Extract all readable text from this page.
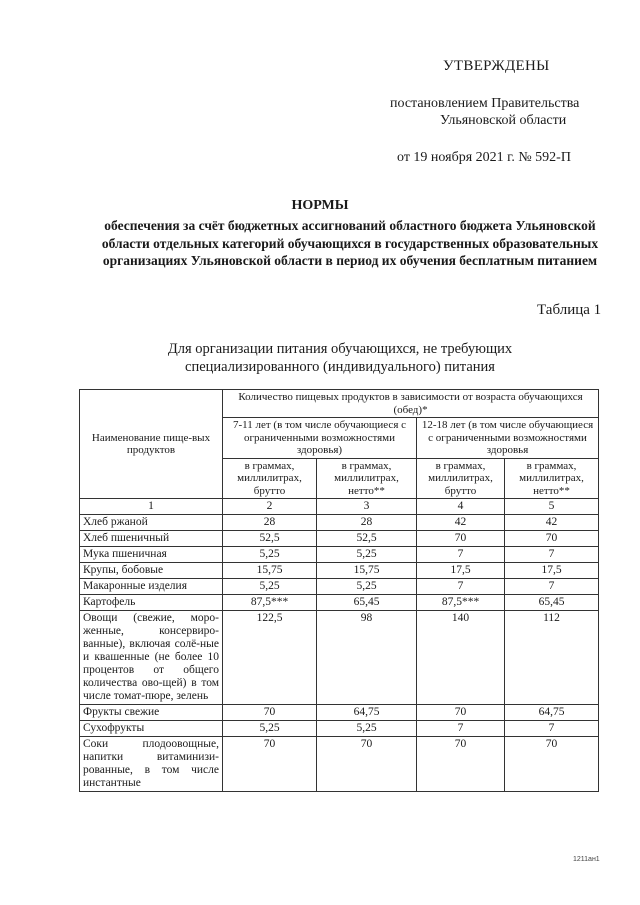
УТВЕРЖДЕНЫ
постановлением Правительства
Ульяновской области
от 19 ноября 2021 г. № 592-П
НОРМЫ
обеспечения за счёт бюджетных ассигнований областного бюджета Ульяновской области отдельных категорий обучающихся в государственных образовательных организациях Ульяновской области в период их обучения бесплатным питанием
Таблица 1
Для организации питания обучающихся, не требующих специализированного (индивидуального) питания
Наименование пище-вых продуктов	Количество пищевых продуктов в зависимости от возраста обучающихся (обед)*			
	7-11 лет (в том числе обучающиеся с ограниченными возможностями здоровья)		12-18 лет (в том числе обучающиеся с ограниченными возможностями здоровья	
	в граммах, миллилитрах, брутто	в граммах, миллилитрах, нетто**	в граммах, миллилитрах, брутто	в граммах, миллилитрах, нетто**
1	2	3	4	5
Хлеб ржаной	28	28	42	42
Хлеб пшеничный	52,5	52,5	70	70
Мука пшеничная	5,25	5,25	7	7
Крупы, бобовые	15,75	15,75	17,5	17,5
Макаронные изделия	5,25	5,25	7	7
Картофель	87,5***	65,45	87,5***	65,45
Овощи (свежие, моро-женные, консервиро-ванные), включая солё-ные и квашенные (не более 10 процентов от общего количества ово-щей) в том числе томат-пюре, зелень	122,5	98	140	112
Фрукты свежие	70	64,75	70	64,75
Сухофрукты	5,25	5,25	7	7
Соки плодоовощные, напитки витаминизи-рованные, в том числе инстантные	70	70	70	70
1211ан1
